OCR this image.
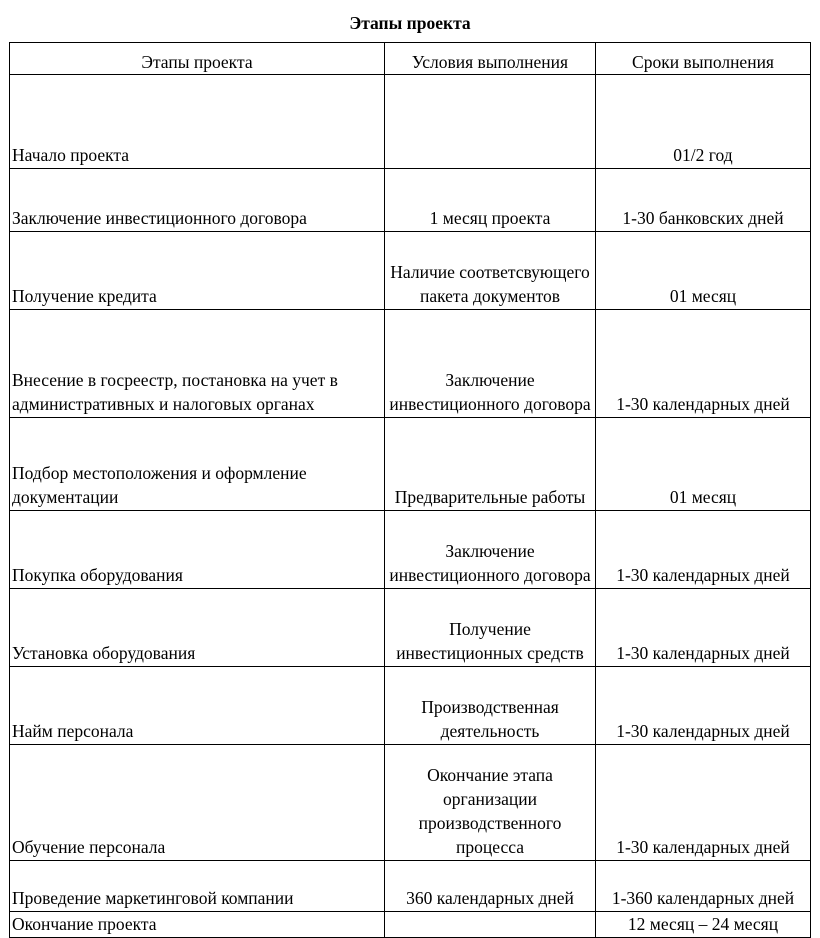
Этапы проекта
Этапы проекта	Условия выполнения	Сроки выполнения
Начало проекта		01/2 год
Заключение инвестиционного договора	1 месяц проекта	1-30 банковских дней
Получение кредита	Наличие соответсвующего пакета документов	01 месяц
Внесение в госреестр, постановка на учет в административных и налоговых органах	Заключение инвестиционного договора	1-30 календарных дней
Подбор местоположения и оформление документации	Предварительные работы	01 месяц
Покупка оборудования	Заключение инвестиционного договора	1-30 календарных дней
Установка оборудования	Получение инвестиционных средств	1-30 календарных дней
Найм персонала	Производственная деятельность	1-30 календарных дней
Обучение персонала	Окончание этапа организации производственного процесса	1-30 календарных дней
Проведение маркетинговой компании	360 календарных дней	1-360 календарных дней
Окончание проекта		12 месяц – 24 месяц
